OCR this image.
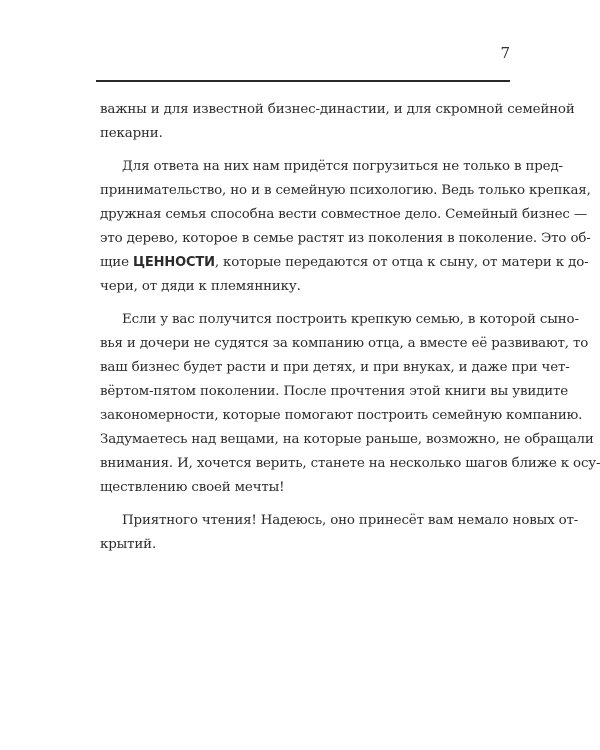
7
важны и для известной бизнес-династии, и для скромной семейной
пекарни.
Для ответа на них нам придётся погрузиться не только в пред-
принимательство, но и в семейную психологию. Ведь только крепкая,
дружная семья способна вести совместное дело. Семейный бизнес —
это дерево, которое в семье растят из поколения в поколение. Это об-
щие ЦЕННОСТИ, которые передаются от отца к сыну, от матери к до-
чери, от дяди к племяннику.
Если у вас получится построить крепкую семью, в которой сыно-
вья и дочери не судятся за компанию отца, а вместе её развивают, то
ваш бизнес будет расти и при детях, и при внуках, и даже при чет-
вёртом-пятом поколении. После прочтения этой книги вы увидите
закономерности, которые помогают построить семейную компанию.
Задумаетесь над вещами, на которые раньше, возможно, не обращали
внимания. И, хочется верить, станете на несколько шагов ближе к осу-
ществлению своей мечты!
Приятного чтения! Надеюсь, оно принесёт вам немало новых от-
крытий.
